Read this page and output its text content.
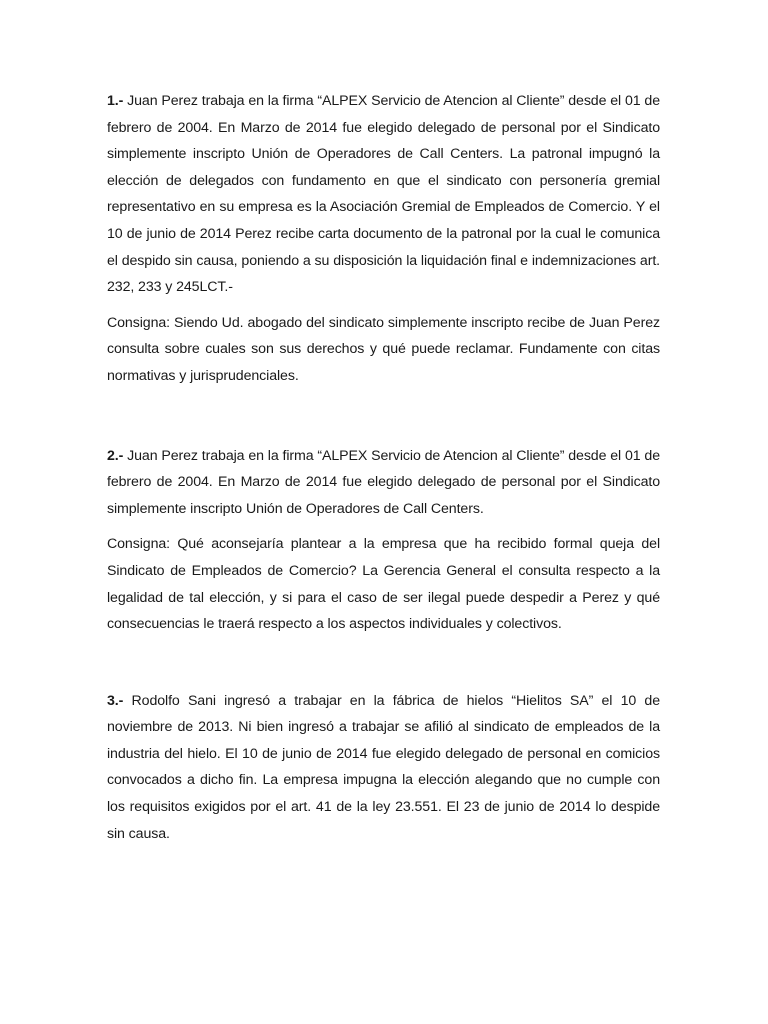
1.- Juan Perez trabaja en la firma “ALPEX Servicio de Atencion al Cliente” desde el 01 de febrero de 2004. En Marzo de 2014 fue elegido delegado de personal por el Sindicato simplemente inscripto Unión de Operadores de Call Centers. La patronal impugnó la elección de delegados con fundamento en que el sindicato con personería gremial representativo en su empresa es la Asociación Gremial de Empleados de Comercio. Y el 10 de junio de 2014 Perez recibe carta documento de la patronal por la cual le comunica el despido sin causa, poniendo a su disposición la liquidación final e indemnizaciones art. 232, 233 y 245LCT.-

Consigna: Siendo Ud. abogado del sindicato simplemente inscripto recibe de Juan Perez consulta sobre cuales son sus derechos y qué puede reclamar. Fundamente con citas normativas y jurisprudenciales.

2.- Juan Perez trabaja en la firma “ALPEX Servicio de Atencion al Cliente” desde el 01 de febrero de 2004. En Marzo de 2014 fue elegido delegado de personal por el Sindicato simplemente inscripto Unión de Operadores de Call Centers.

Consigna: Qué aconsejaría plantear a la empresa que ha recibido formal queja del Sindicato de Empleados de Comercio? La Gerencia General el consulta respecto a la legalidad de tal elección, y si para el caso de ser ilegal puede despedir a Perez y qué consecuencias le traerá respecto a los aspectos individuales y colectivos.

3.- Rodolfo Sani ingresó a trabajar en la fábrica de hielos “Hielitos SA” el 10 de noviembre de 2013. Ni bien ingresó a trabajar se afilió al sindicato de empleados de la industria del hielo. El 10 de junio de 2014 fue elegido delegado de personal en comicios convocados a dicho fin. La empresa impugna la elección alegando que no cumple con los requisitos exigidos por el art. 41 de la ley 23.551. El 23 de junio de 2014 lo despide sin causa.
